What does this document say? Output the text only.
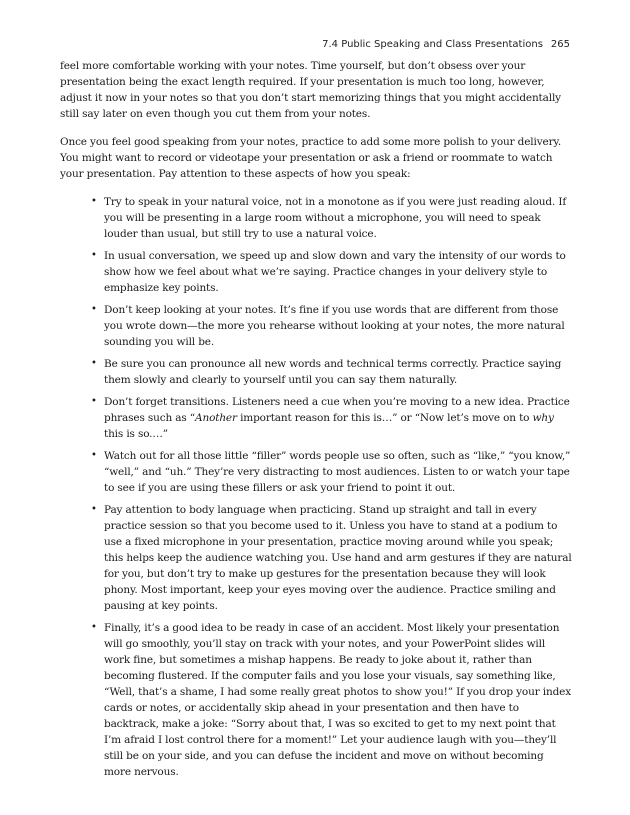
7.4 Public Speaking and Class Presentations 265

feel more comfortable working with your notes. Time yourself, but don’t obsess over your presentation being the exact length required. If your presentation is much too long, however, adjust it now in your notes so that you don’t start memorizing things that you might accidentally still say later on even though you cut them from your notes.

Once you feel good speaking from your notes, practice to add some more polish to your delivery. You might want to record or videotape your presentation or ask a friend or roommate to watch your presentation. Pay attention to these aspects of how you speak:

• Try to speak in your natural voice, not in a monotone as if you were just reading aloud. If you will be presenting in a large room without a microphone, you will need to speak louder than usual, but still try to use a natural voice.
• In usual conversation, we speed up and slow down and vary the intensity of our words to show how we feel about what we’re saying. Practice changes in your delivery style to emphasize key points.
• Don’t keep looking at your notes. It’s fine if you use words that are different from those you wrote down—the more you rehearse without looking at your notes, the more natural sounding you will be.
• Be sure you can pronounce all new words and technical terms correctly. Practice saying them slowly and clearly to yourself until you can say them naturally.
• Don’t forget transitions. Listeners need a cue when you’re moving to a new idea. Practice phrases such as “Another important reason for this is…” or “Now let’s move on to why this is so.…”
• Watch out for all those little “filler” words people use so often, such as “like,” “you know,” “well,” and “uh.” They’re very distracting to most audiences. Listen to or watch your tape to see if you are using these fillers or ask your friend to point it out.
• Pay attention to body language when practicing. Stand up straight and tall in every practice session so that you become used to it. Unless you have to stand at a podium to use a fixed microphone in your presentation, practice moving around while you speak; this helps keep the audience watching you. Use hand and arm gestures if they are natural for you, but don’t try to make up gestures for the presentation because they will look phony. Most important, keep your eyes moving over the audience. Practice smiling and pausing at key points.
• Finally, it’s a good idea to be ready in case of an accident. Most likely your presentation will go smoothly, you’ll stay on track with your notes, and your PowerPoint slides will work fine, but sometimes a mishap happens. Be ready to joke about it, rather than becoming flustered. If the computer fails and you lose your visuals, say something like, “Well, that’s a shame, I had some really great photos to show you!” If you drop your index cards or notes, or accidentally skip ahead in your presentation and then have to backtrack, make a joke: “Sorry about that, I was so excited to get to my next point that I’m afraid I lost control there for a moment!” Let your audience laugh with you—they’ll still be on your side, and you can defuse the incident and move on without becoming more nervous.
